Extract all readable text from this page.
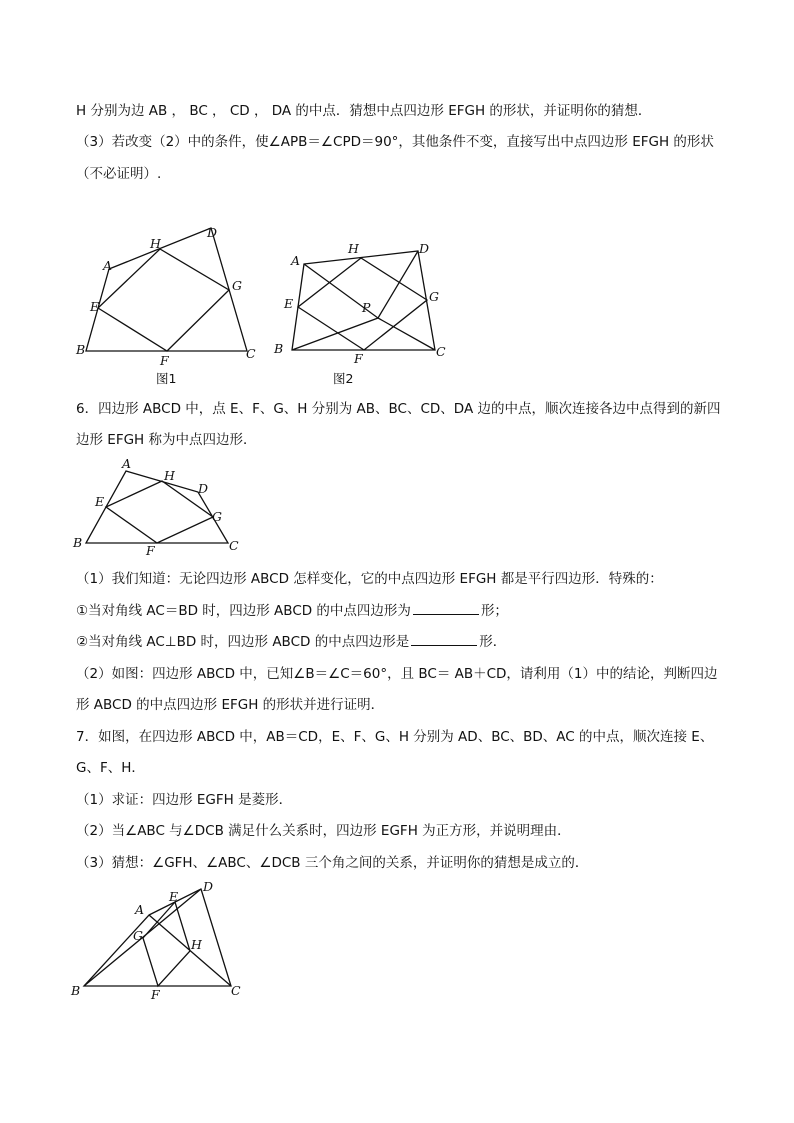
H 分别为边 AB ， BC ， CD ， DA 的中点．猜想中点四边形 EFGH 的形状，并证明你的猜想．
（3）若改变（2）中的条件，使∠APB＝∠CPD＝90°，其他条件不变，直接写出中点四边形 EFGH 的形状
（不必证明）.
A
B	C
D
E
F
G
H
图1
A
B	C
D
E
F
G
H
P
图2
6．四边形 ABCD 中，点 E、F、G、H 分别为 AB、BC、CD、DA 边的中点，顺次连接各边中点得到的新四
边形 EFGH 称为中点四边形．
A
B	C
D
E
F
G
H
（1）我们知道：无论四边形 ABCD 怎样变化，它的中点四边形 EFGH 都是平行四边形．特殊的：
①当对角线 AC＝BD 时，四边形 ABCD 的中点四边形为	形；
②当对角线 AC⊥BD 时，四边形 ABCD 的中点四边形是	形．
（2）如图：四边形 ABCD 中，已知∠B＝∠C＝60°，且 BC＝ AB＋CD，请利用（1）中的结论，判断四边
形 ABCD 的中点四边形 EFGH 的形状并进行证明．
7．如图，在四边形 ABCD 中，AB＝CD，E、F、G、H 分别为 AD、BC、BD、AC 的中点，顺次连接 E、
G、F、H．
（1）求证：四边形 EGFH 是菱形．
（2）当∠ABC 与∠DCB 满足什么关系时，四边形 EGFH 为正方形，并说明理由．
（3）猜想：∠GFH、∠ABC、∠DCB 三个角之间的关系，并证明你的猜想是成立的．
A
B	C
D
E
F
G
H
